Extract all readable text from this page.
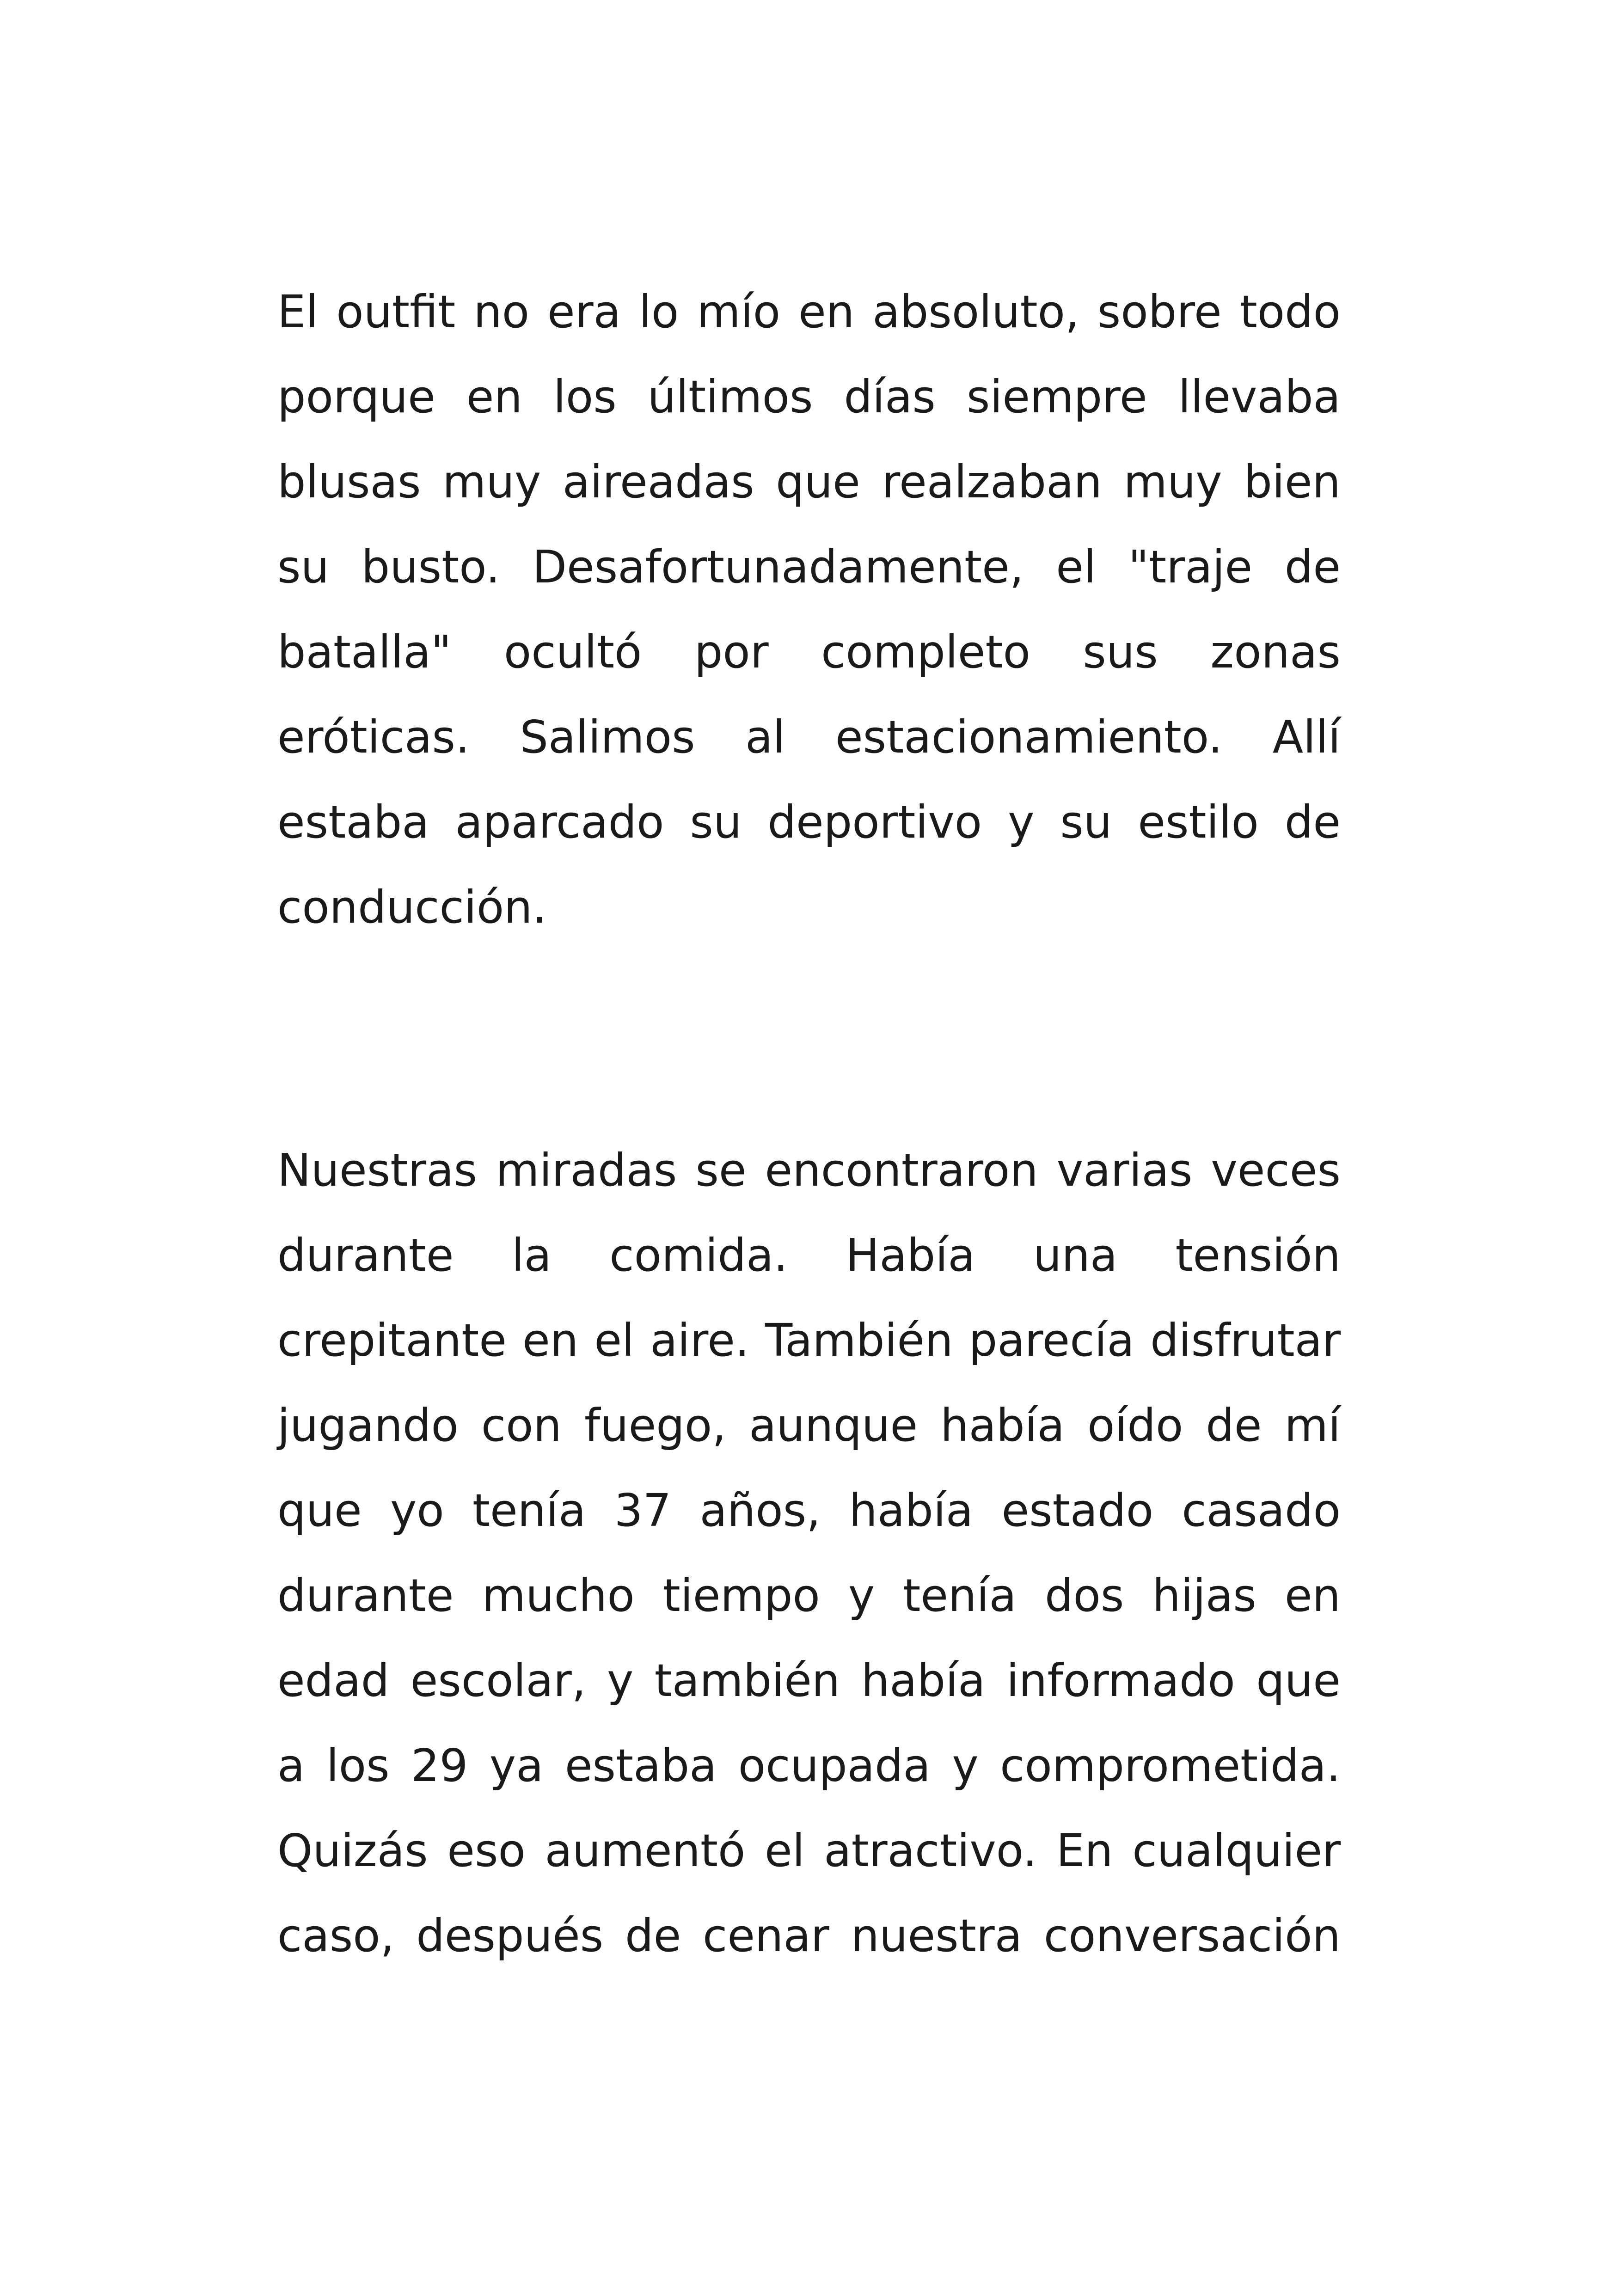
El outfit no era lo mío en absoluto, sobre todo
porque en los últimos días siempre llevaba
blusas muy aireadas que realzaban muy bien
su busto. Desafortunadamente, el "traje de
batalla" ocultó por completo sus zonas
eróticas. Salimos al estacionamiento. Allí
estaba aparcado su deportivo y su estilo de
conducción.

Nuestras miradas se encontraron varias veces
durante la comida. Había una tensión
crepitante en el aire. También parecía disfrutar
jugando con fuego, aunque había oído de mí
que yo tenía 37 años, había estado casado
durante mucho tiempo y tenía dos hijas en
edad escolar, y también había informado que
a los 29 ya estaba ocupada y comprometida.
Quizás eso aumentó el atractivo. En cualquier
caso, después de cenar nuestra conversación
